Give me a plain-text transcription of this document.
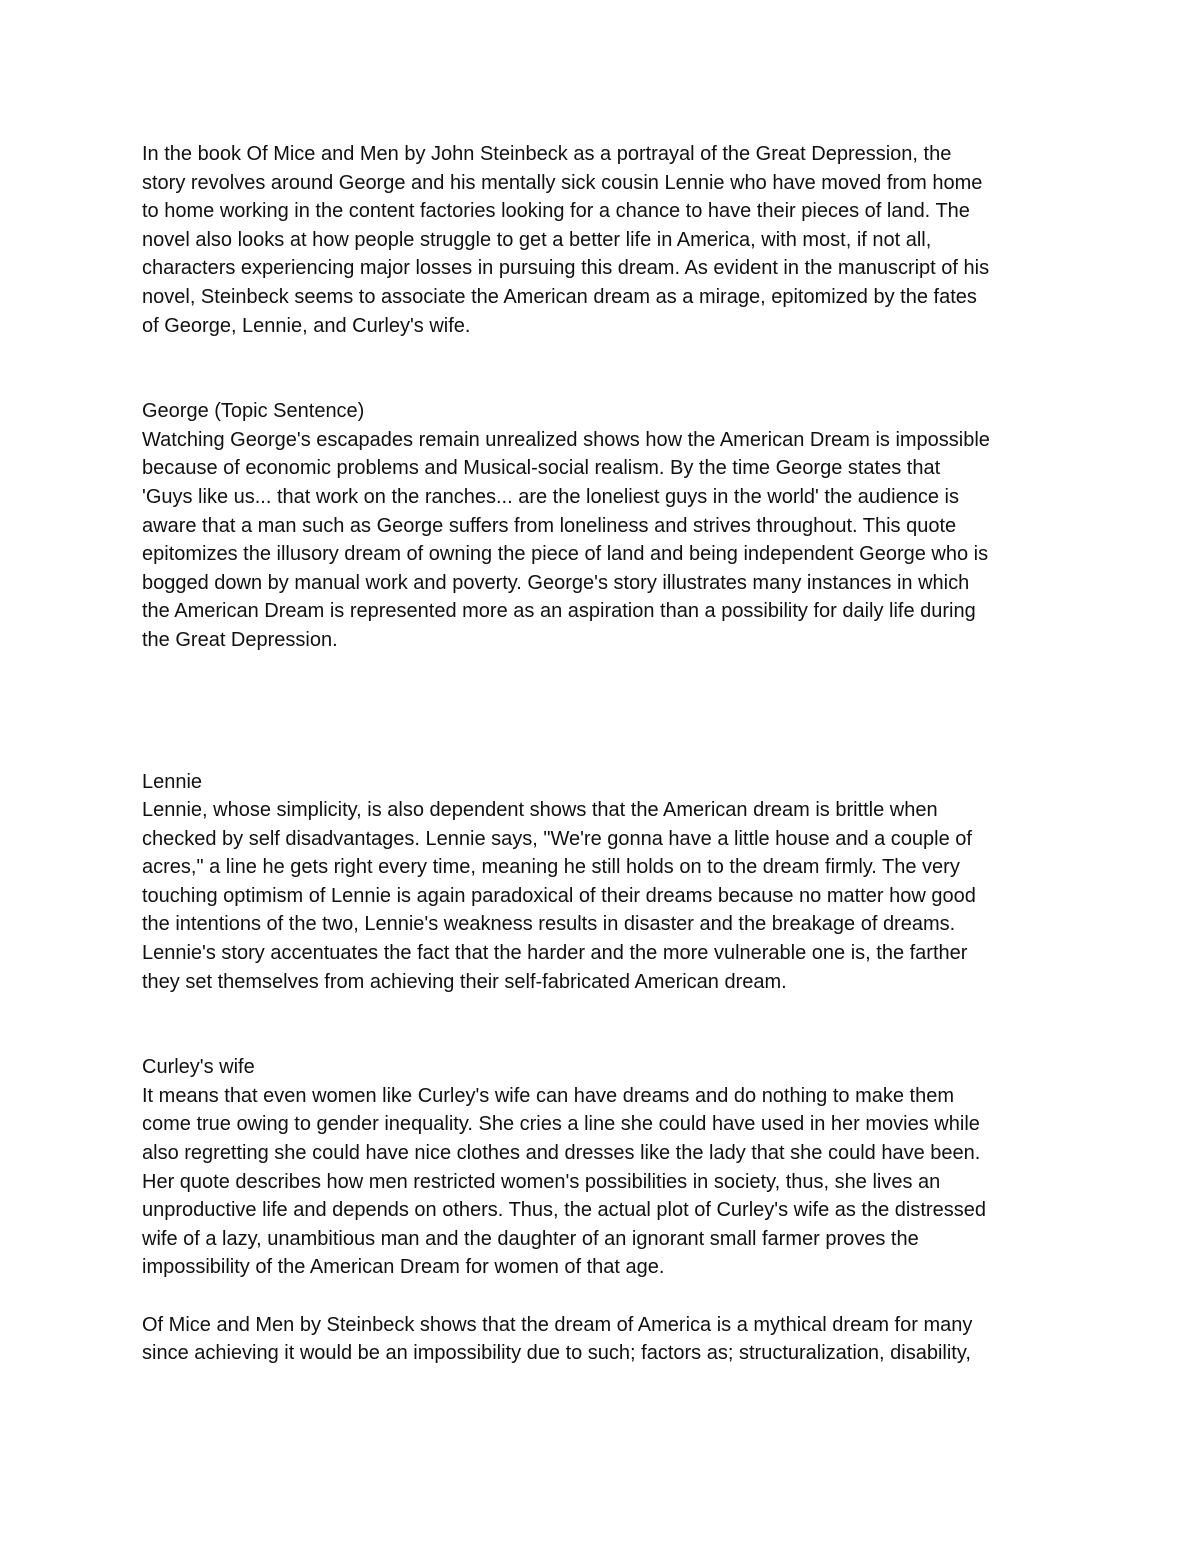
In the book Of Mice and Men by John Steinbeck as a portrayal of the Great Depression, the
story revolves around George and his mentally sick cousin Lennie who have moved from home
to home working in the content factories looking for a chance to have their pieces of land. The
novel also looks at how people struggle to get a better life in America, with most, if not all,
characters experiencing major losses in pursuing this dream. As evident in the manuscript of his
novel, Steinbeck seems to associate the American dream as a mirage, epitomized by the fates
of George, Lennie, and Curley's wife.

George (Topic Sentence)
Watching George's escapades remain unrealized shows how the American Dream is impossible
because of economic problems and Musical-social realism. By the time George states that
'Guys like us... that work on the ranches... are the loneliest guys in the world' the audience is
aware that a man such as George suffers from loneliness and strives throughout. This quote
epitomizes the illusory dream of owning the piece of land and being independent George who is
bogged down by manual work and poverty. George's story illustrates many instances in which
the American Dream is represented more as an aspiration than a possibility for daily life during
the Great Depression.

Lennie
Lennie, whose simplicity, is also dependent shows that the American dream is brittle when
checked by self disadvantages. Lennie says, "We're gonna have a little house and a couple of
acres," a line he gets right every time, meaning he still holds on to the dream firmly. The very
touching optimism of Lennie is again paradoxical of their dreams because no matter how good
the intentions of the two, Lennie's weakness results in disaster and the breakage of dreams.
Lennie's story accentuates the fact that the harder and the more vulnerable one is, the farther
they set themselves from achieving their self-fabricated American dream.

Curley's wife
It means that even women like Curley's wife can have dreams and do nothing to make them
come true owing to gender inequality. She cries a line she could have used in her movies while
also regretting she could have nice clothes and dresses like the lady that she could have been.
Her quote describes how men restricted women's possibilities in society, thus, she lives an
unproductive life and depends on others. Thus, the actual plot of Curley's wife as the distressed
wife of a lazy, unambitious man and the daughter of an ignorant small farmer proves the
impossibility of the American Dream for women of that age.

Of Mice and Men by Steinbeck shows that the dream of America is a mythical dream for many
since achieving it would be an impossibility due to such; factors as; structuralization, disability,
